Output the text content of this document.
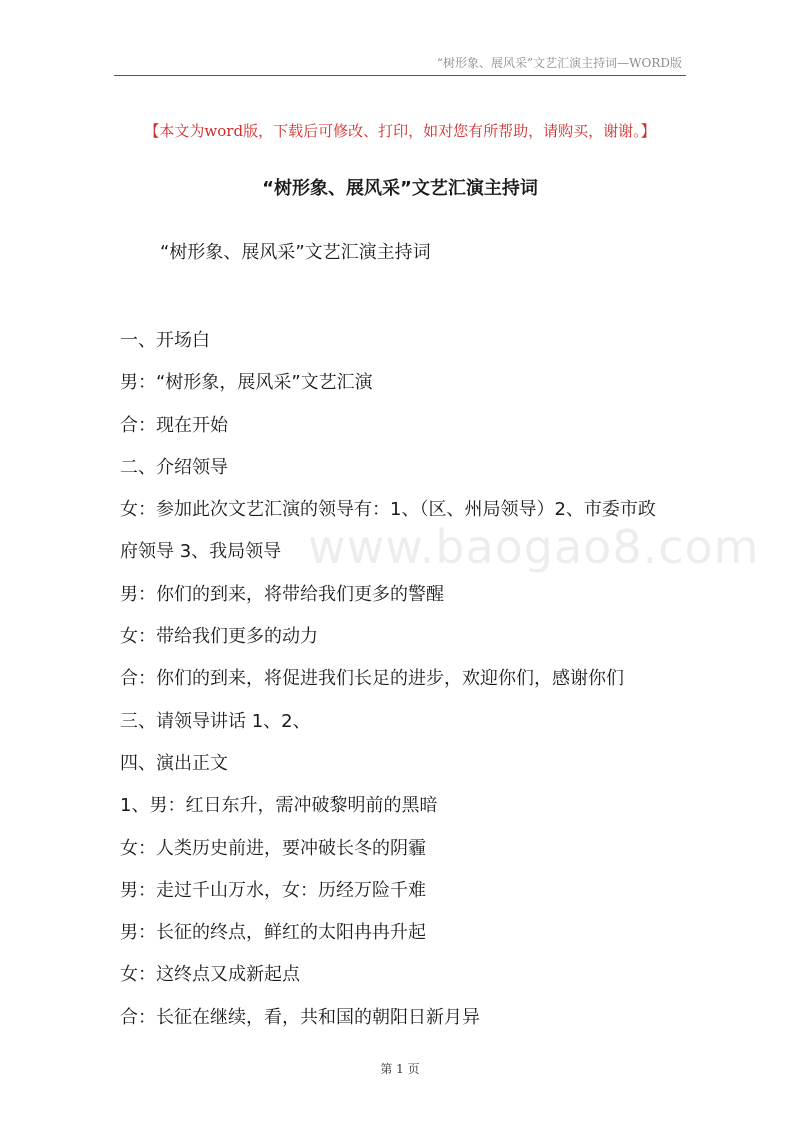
“树形象、展风采”文艺汇演主持词—WORD版
【本文为word版，下载后可修改、打印，如对您有所帮助，请购买，谢谢。】
“树形象、展风采”文艺汇演主持词
“树形象、展风采”文艺汇演主持词
www.baogao8.com
一、开场白
男：“树形象，展风采”文艺汇演
合：现在开始
二、介绍领导
女：参加此次文艺汇演的领导有：1、（区、州局领导）2、市委市政
府领导 3、我局领导
男：你们的到来，将带给我们更多的警醒
女：带给我们更多的动力
合：你们的到来，将促进我们长足的进步，欢迎你们，感谢你们
三、请领导讲话 1、2、
四、演出正文
1、男：红日东升，需冲破黎明前的黑暗
女：人类历史前进，要冲破长冬的阴霾
男：走过千山万水，女：历经万险千难
男：长征的终点，鲜红的太阳冉冉升起
女：这终点又成新起点
合：长征在继续，看，共和国的朝阳日新月异
第 1 页
